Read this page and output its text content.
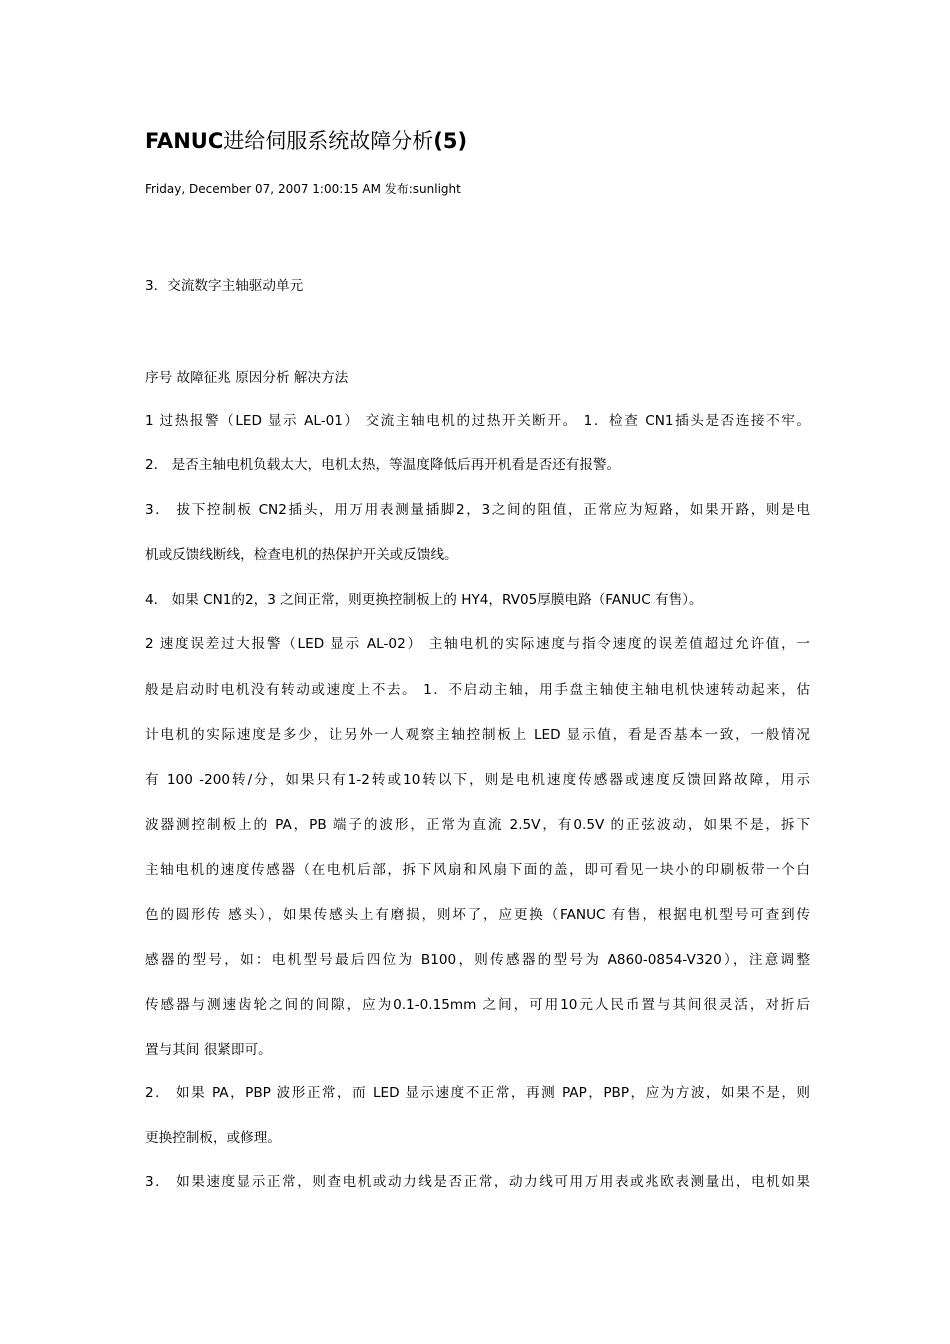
FANUC进给伺服系统故障分析(5)
Friday, December 07, 2007 1:00:15 AM 发布:sunlight
3．交流数字主轴驱动单元
序号 故障征兆 原因分析 解决方法
1 过热报警（LED 显示 AL-01） 交流主轴电机的过热开关断开。 1．检查 CN1插头是否连接不牢。
2． 是否主轴电机负载太大，电机太热，等温度降低后再开机看是否还有报警。
3． 拔下控制板 CN2插头，用万用表测量插脚2，3之间的阻值，正常应为短路，如果开路，则是电
机或反馈线断线，检查电机的热保护开关或反馈线。
4． 如果 CN1的2，3 之间正常，则更换控制板上的 HY4，RV05厚膜电路（FANUC 有售）。
2 速度误差过大报警（LED 显示 AL-02） 主轴电机的实际速度与指令速度的误差值超过允许值，一
般是启动时电机没有转动或速度上不去。 1．不启动主轴，用手盘主轴使主轴电机快速转动起来，估
计电机的实际速度是多少，让另外一人观察主轴控制板上 LED 显示值，看是否基本一致，一般情况
有 100 -200转/分，如果只有1-2转或10转以下，则是电机速度传感器或速度反馈回路故障，用示
波器测控制板上的 PA，PB 端子的波形，正常为直流 2.5V，有0.5V 的正弦波动，如果不是，拆下
主轴电机的速度传感器（在电机后部，拆下风扇和风扇下面的盖，即可看见一块小的印刷板带一个白
色的圆形传 感头），如果传感头上有磨损，则坏了，应更换（FANUC 有售，根据电机型号可查到传
感器的型号，如：电机型号最后四位为 B100，则传感器的型号为 A860-0854-V320），注意调整
传感器与测速齿轮之间的间隙，应为0.1-0.15mm 之间，可用10元人民币置与其间很灵活，对折后
置与其间 很紧即可。
2． 如果 PA，PBP 波形正常，而 LED 显示速度不正常，再测 PAP，PBP，应为方波，如果不是，则
更换控制板，或修理。
3． 如果速度显示正常，则查电机或动力线是否正常，动力线可用万用表或兆欧表测量出，电机如果
